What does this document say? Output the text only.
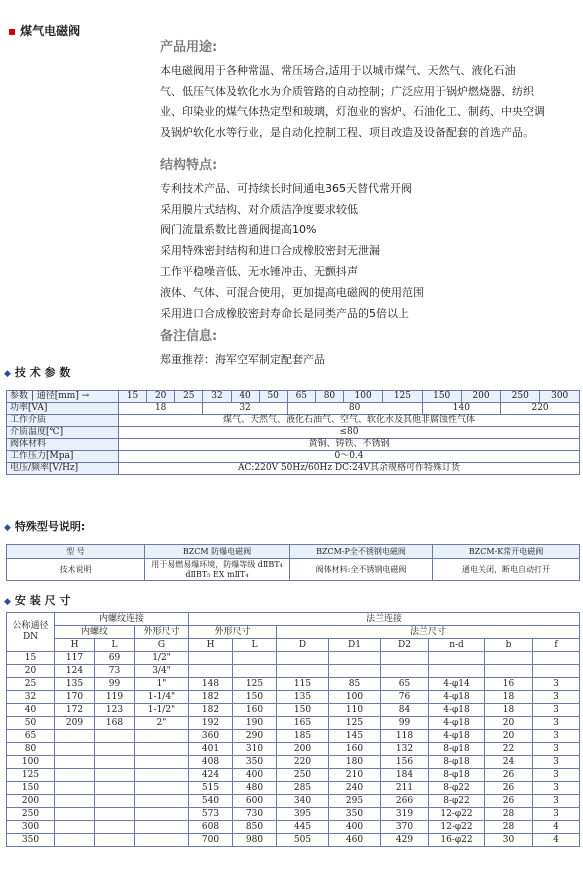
▪ 煤气电磁阀
产品用途:
本电磁阀用于各种常温、常压场合,适用于以城市煤气、天然气、液化石油
气、低压气体及软化水为介质管路的自动控制；广泛应用于锅炉燃烧器、纺织
业、印染业的煤气体热定型和玻璃，灯泡业的窖炉、石油化工、制药、中央空调
及锅炉软化水等行业，是自动化控制工程、项目改造及设备配套的首选产品。
结构特点:
专利技术产品、可持续长时间通电365天替代常开阀
采用膜片式结构、对介质洁净度要求较低
阀门流量系数比普通阀提高10%
采用特殊密封结构和进口合成橡胶密封无泄漏
工作平稳噪音低、无水锤冲击、无颤抖声
液体、气体、可混合使用，更加提高电磁阀的使用范围
采用进口合成橡胶密封寿命长是同类产品的5倍以上
备注信息:
郑重推荐：海军空军制定配套产品
◆ 技 术 参 数
参数 | 通径[mm] →	15	20	25	32	40	50	65	80	100	125	150	200	250	300
功率[VA]	18			32			80				140		220	
工作介质	煤气、天然气、液化石油气、空气、软化水及其他非腐蚀性气体													
介质温度[℃]	≤80													
阀体材料	黄铜、铸铁、不锈钢													
工作压力[Mpa]	0～0.4													
电压/频率[V/Hz]	AC:220V 50Hz/60Hz DC:24V其余规格可作特殊订货													
◆ 特殊型号说明:
型 号	BZCM 防爆电磁阀	BZCM-P全不锈钢电磁阀	BZCM-K常开电磁阀
技术说明	用于易燃易爆环境，防爆等级 dⅡBT₄ dⅡBT₅ EX mⅡT₄	阀体材料:全不锈钢电磁阀	通电关闭，断电自动打开
◆ 安 装 尺 寸
公称通径
DN	内螺纹连接			法兰连接							
	内螺纹		外形尺寸	外形尺寸		法兰尺寸					
	H	L	G	H	L	D	D1	D2	n-d	b	f
15	117	69	1/2"								
20	124	73	3/4"								
25	135	99	1"	148	125	115	85	65	4-φ14	16	3
32	170	119	1-1/4"	182	150	135	100	76	4-φ18	18	3
40	172	123	1-1/2"	182	160	150	110	84	4-φ18	18	3
50	209	168	2"	192	190	165	125	99	4-φ18	20	3
65				360	290	185	145	118	4-φ18	20	3
80				401	310	200	160	132	8-φ18	22	3
100				408	350	220	180	156	8-φ18	24	3
125				424	400	250	210	184	8-φ18	26	3
150				515	480	285	240	211	8-φ22	26	3
200				540	600	340	295	266	8-φ22	26	3
250				573	730	395	350	319	12-φ22	28	3
300				608	850	445	400	370	12-φ22	28	4
350				700	980	505	460	429	16-φ22	30	4
